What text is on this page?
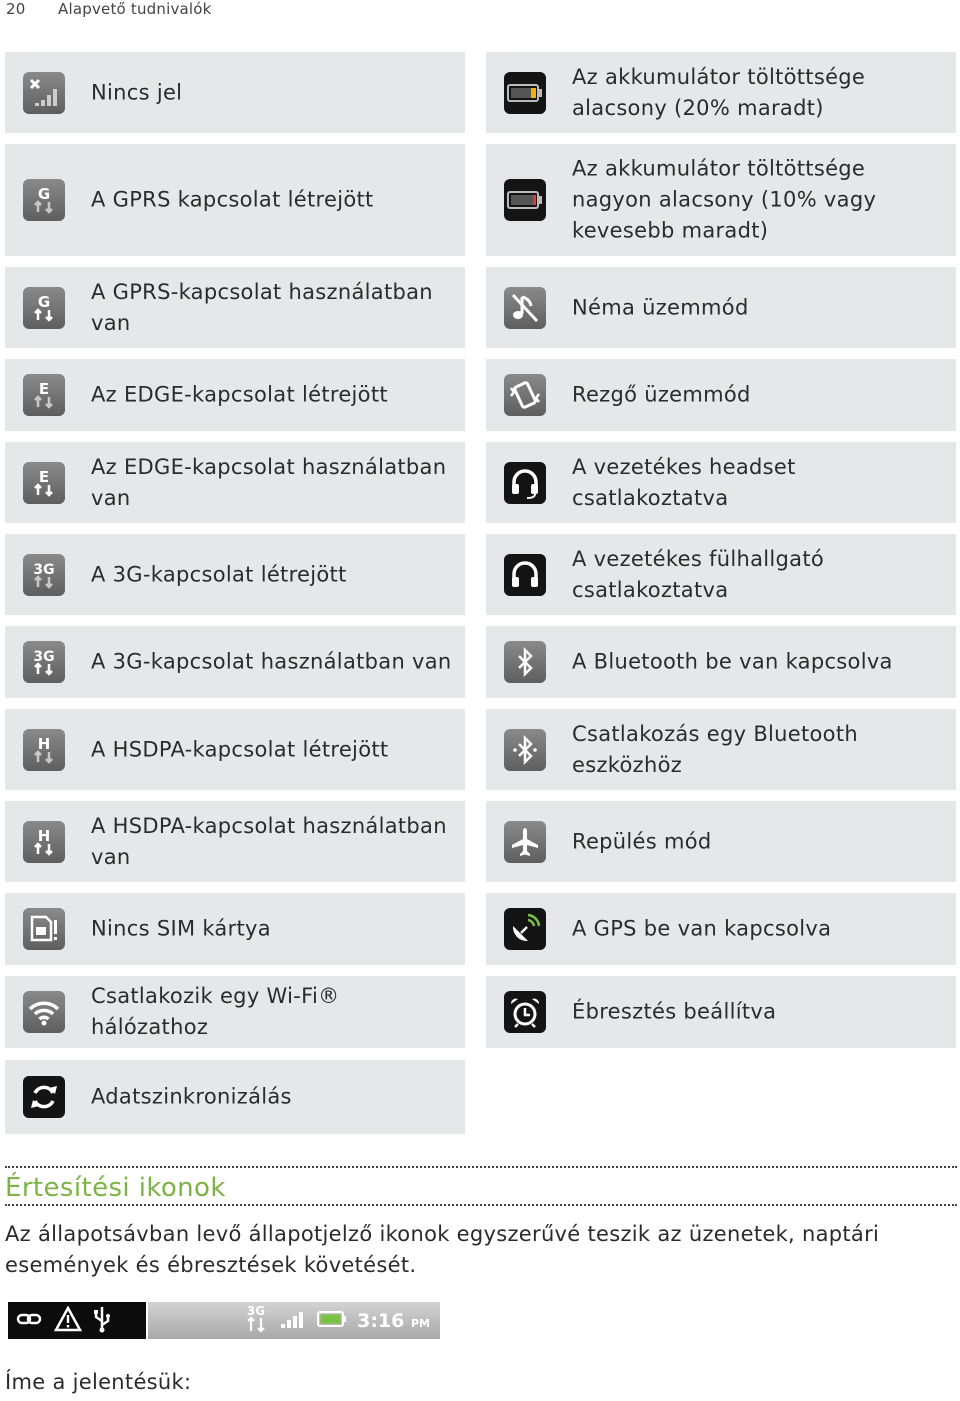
20 Alapvető tudnivalók
Nincs jel
G A GPRS kapcsolat létrejött
G A GPRS-kapcsolat használatban van
E Az EDGE-kapcsolat létrejött
E Az EDGE-kapcsolat használatban van
3G A 3G-kapcsolat létrejött
3G A 3G-kapcsolat használatban van
H A HSDPA-kapcsolat létrejött
H A HSDPA-kapcsolat használatban van
Nincs SIM kártya
Csatlakozik egy Wi-Fi® hálózathoz
Adatszinkronizálás
Az akkumulátor töltöttsége alacsony (20% maradt)
Az akkumulátor töltöttsége nagyon alacsony (10% vagy kevesebb maradt)
Néma üzemmód
Rezgő üzemmód
A vezetékes headset csatlakoztatva
A vezetékes fülhallgató csatlakoztatva
A Bluetooth be van kapcsolva
Csatlakozás egy Bluetooth eszközhöz
Repülés mód
A GPS be van kapcsolva
Ébresztés beállítva
Értesítési ikonok
Az állapotsávban levő állapotjelző ikonok egyszerűvé teszik az üzenetek, naptári események és ébresztések követését.
3G	3:16 PM
Íme a jelentésük:
